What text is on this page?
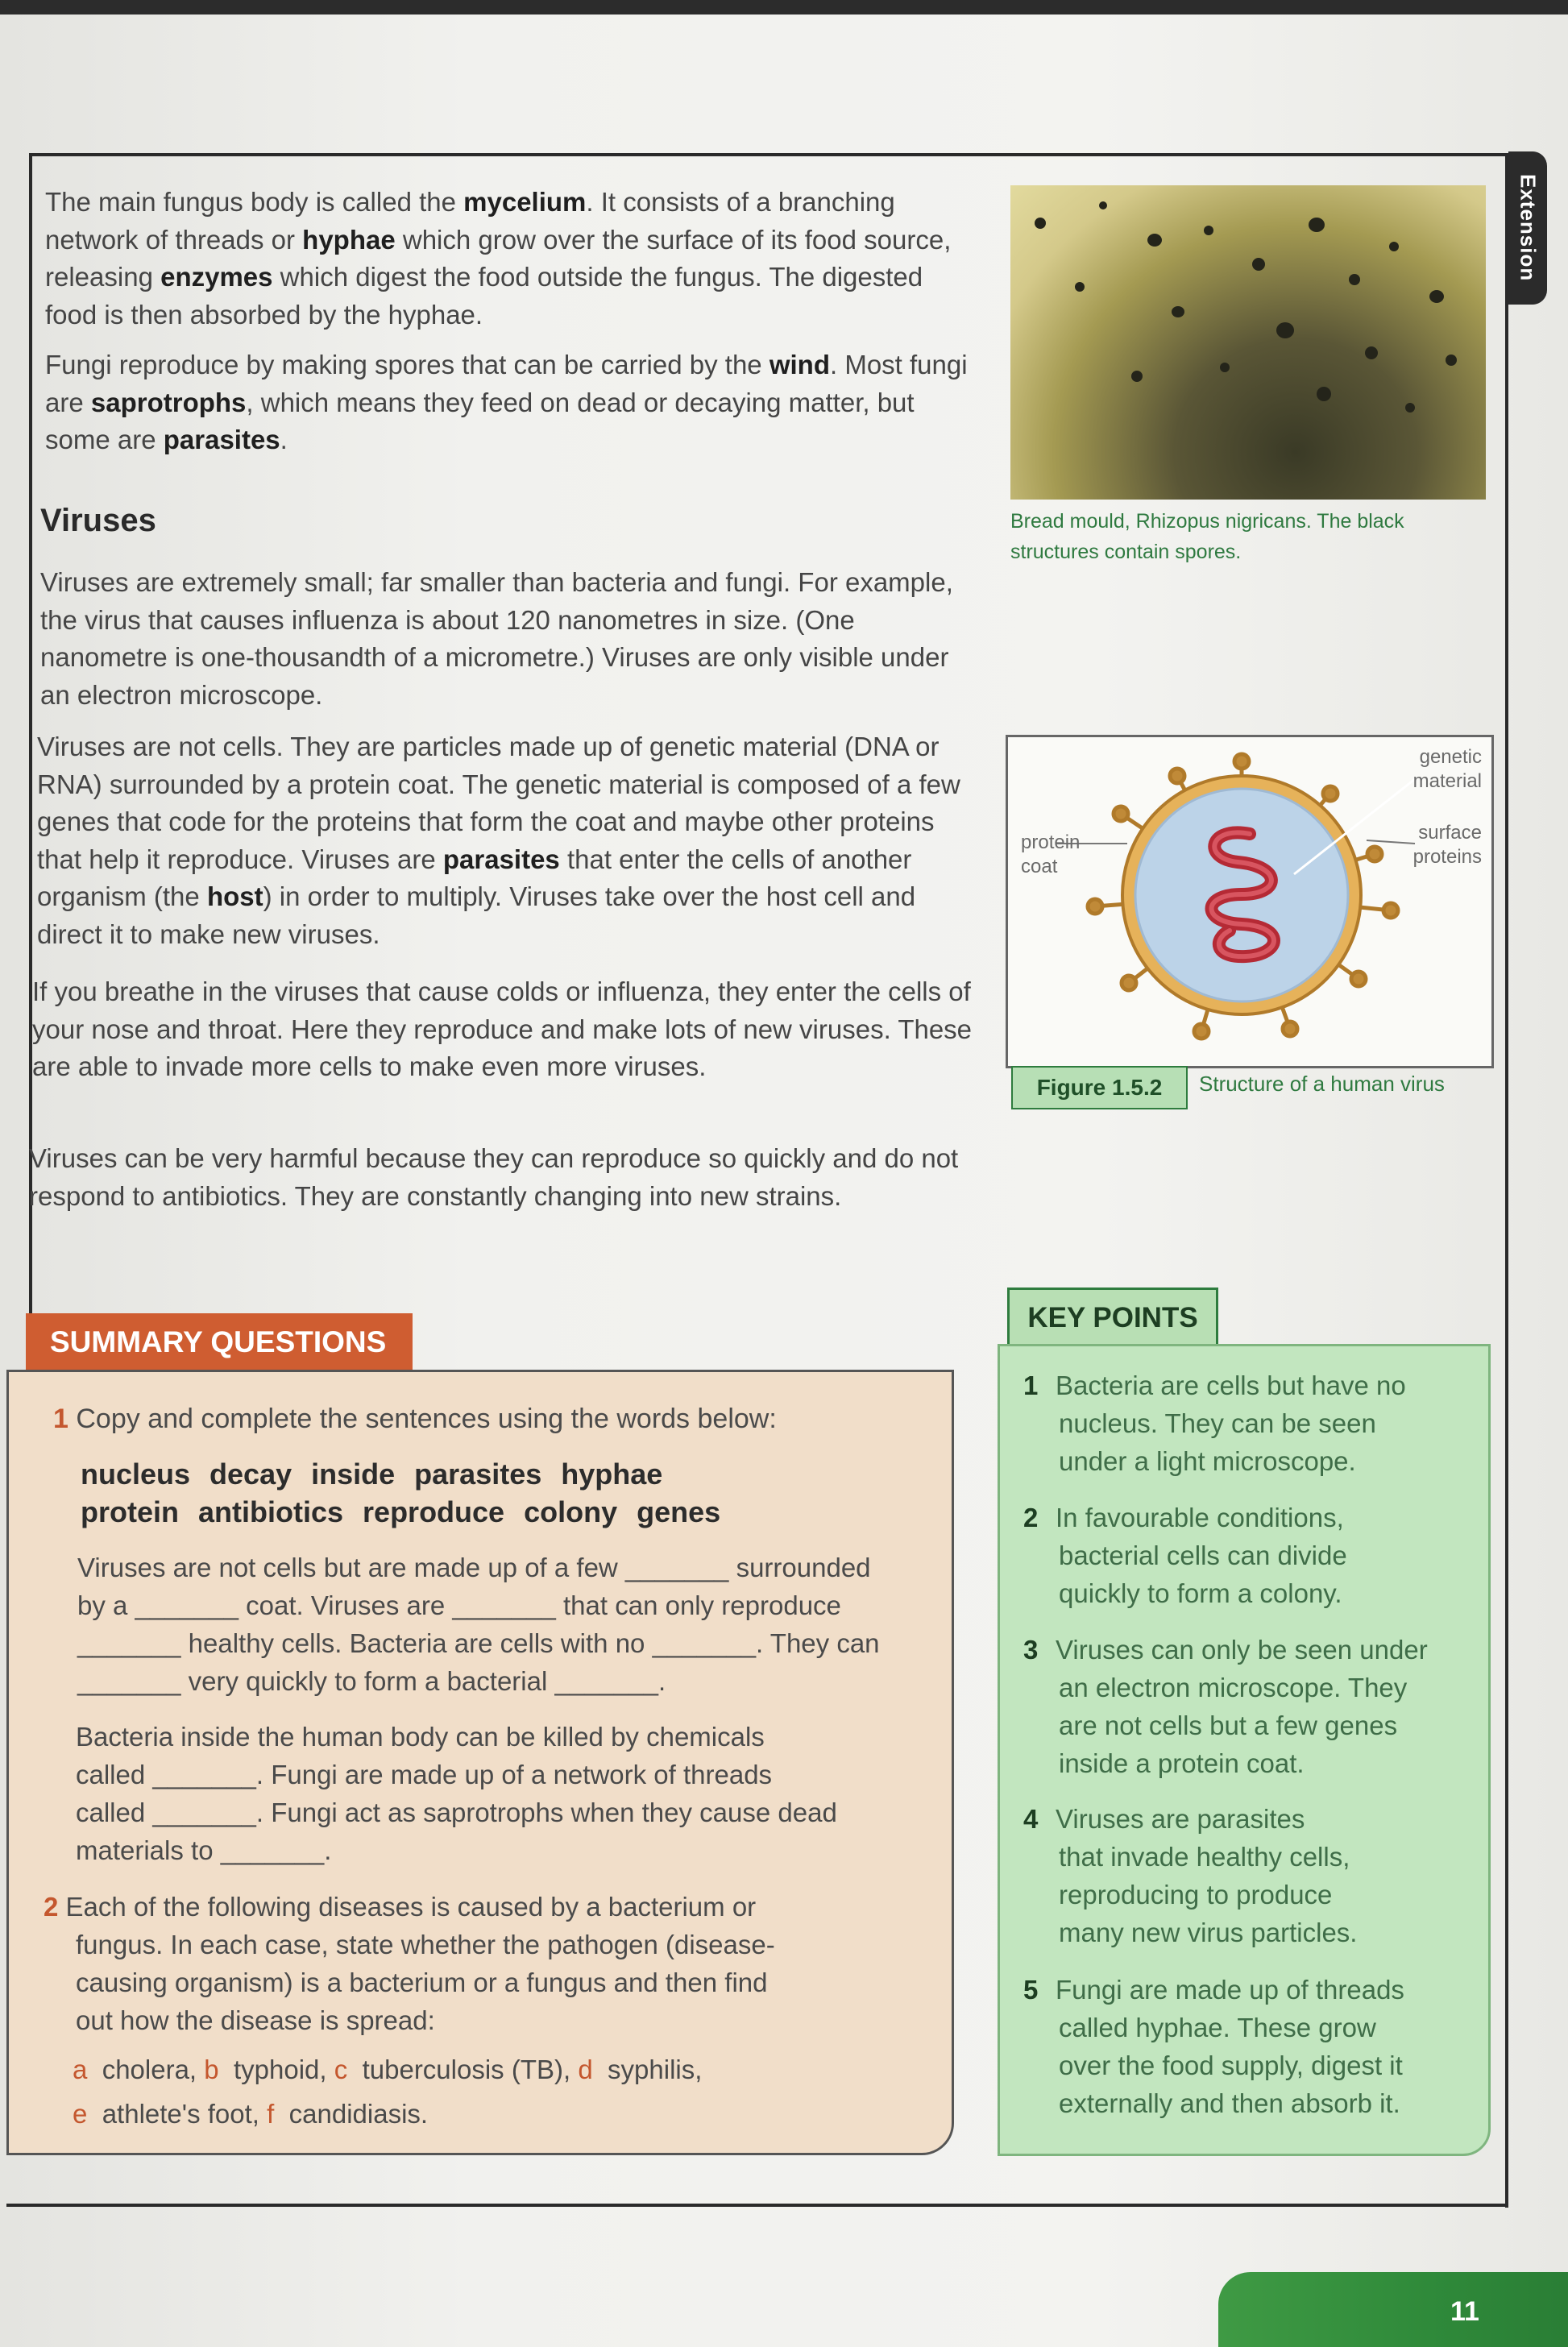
Extension

The main fungus body is called the mycelium. It consists of a branching network of threads or hyphae which grow over the surface of its food source, releasing enzymes which digest the food outside the fungus. The digested food is then absorbed by the hyphae.

Fungi reproduce by making spores that can be carried by the wind. Most fungi are saprotrophs, which means they feed on dead or decaying matter, but some are parasites.

Bread mould, Rhizopus nigricans. The black structures contain spores.
Viruses

Viruses are extremely small; far smaller than bacteria and fungi. For example, the virus that causes influenza is about 120 nanometres in size. (One nanometre is one-thousandth of a micrometre.) Viruses are only visible under an electron microscope.

Viruses are not cells. They are particles made up of genetic material (DNA or RNA) surrounded by a protein coat. The genetic material is composed of a few genes that code for the proteins that form the coat and maybe other proteins that help it reproduce. Viruses are parasites that enter the cells of another organism (the host) in order to multiply. Viruses take over the host cell and direct it to make new viruses.

If you breathe in the viruses that cause colds or influenza, they enter the cells of your nose and throat. Here they reproduce and make lots of new viruses. These are able to invade more cells to make even more viruses.

Viruses can be very harmful because they can reproduce so quickly and do not respond to antibiotics. They are constantly changing into new strains.

protein
coat
genetic
material
surface
proteins
Figure 1.5.2	Structure of a human virus
SUMMARY QUESTIONS

1 Copy and complete the sentences using the words below:

nucleus decay inside parasites hyphae
protein antibiotics reproduce colony genes
Viruses are not cells but are made up of a few _______ surrounded
by a _______ coat. Viruses are _______ that can only reproduce
_______ healthy cells. Bacteria are cells with no _______. They can
_______ very quickly to form a bacterial _______.
Bacteria inside the human body can be killed by chemicals
called _______. Fungi are made up of a network of threads
called _______. Fungi act as saprotrophs when they cause dead
materials to _______.
2 Each of the following diseases is caused by a bacterium or
fungus. In each case, state whether the pathogen (disease-
causing organism) is a bacterium or a fungus and then find
out how the disease is spread:
a cholera, b typhoid, c tuberculosis (TB), d syphilis,
e athlete's foot, f candidiasis.
KEY POINTS
1 Bacteria are cells but have no
nucleus. They can be seen
under a light microscope.
2 In favourable conditions,
bacterial cells can divide
quickly to form a colony.
3 Viruses can only be seen under
an electron microscope. They
are not cells but a few genes
inside a protein coat.
4 Viruses are parasites
that invade healthy cells,
reproducing to produce
many new virus particles.
5 Fungi are made up of threads
called hyphae. These grow
over the food supply, digest it
externally and then absorb it.
11
